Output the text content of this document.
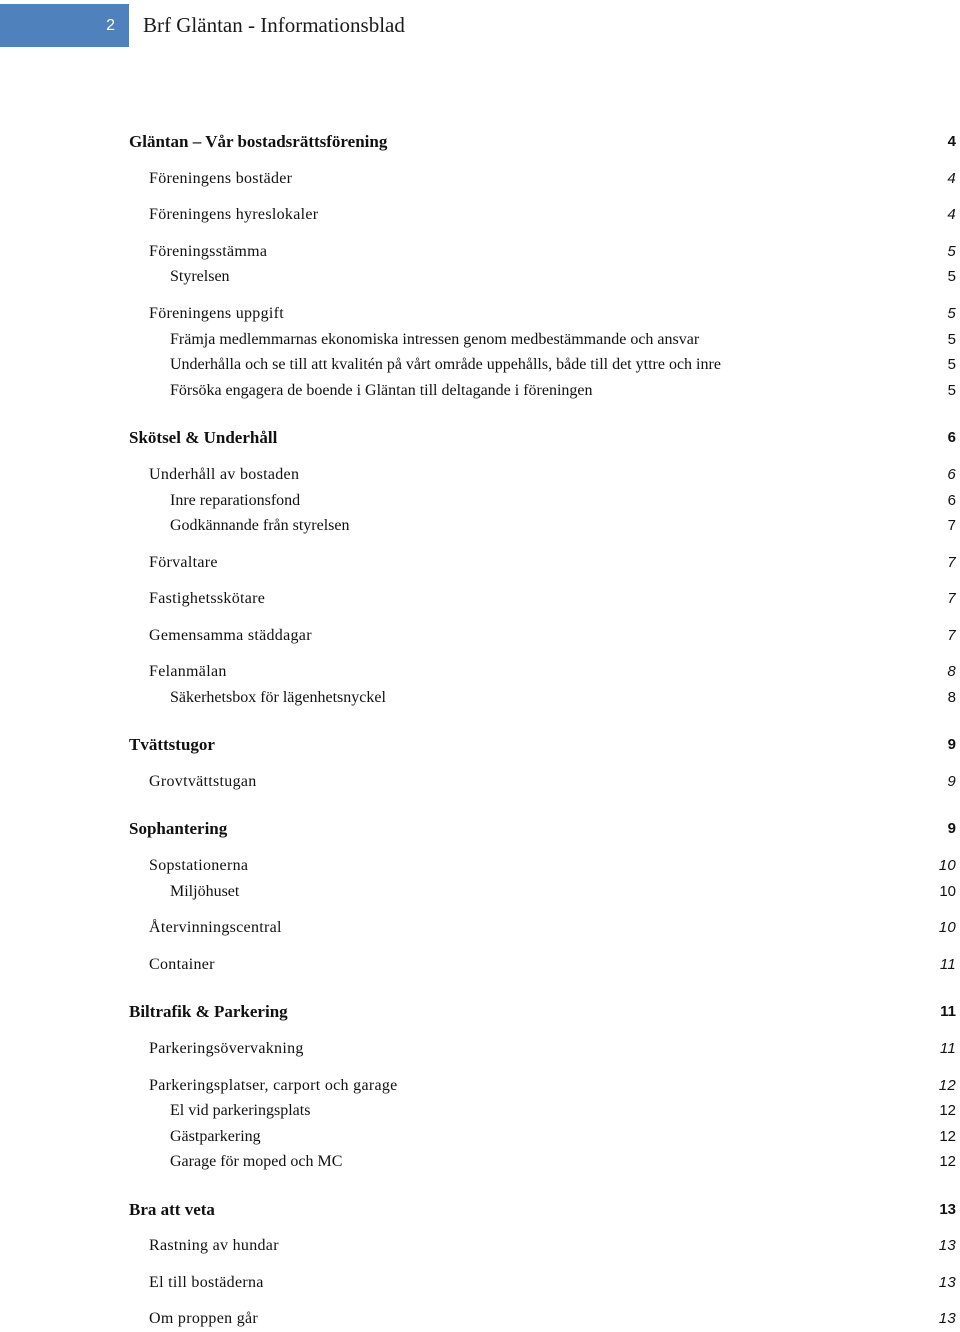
2	Brf Gläntan - Informationsblad
Gläntan – Vår bostadsrättsförening	4
Föreningens bostäder	4
Föreningens hyreslokaler	4
Föreningsstämma	5
Styrelsen	5
Föreningens uppgift	5
Främja medlemmarnas ekonomiska intressen genom medbestämmande och ansvar	5
Underhålla och se till att kvalitén på vårt område uppehålls, både till det yttre och inre	5
Försöka engagera de boende i Gläntan till deltagande i föreningen	5
Skötsel & Underhåll	6
Underhåll av bostaden	6
Inre reparationsfond	6
Godkännande från styrelsen	7
Förvaltare	7
Fastighetsskötare	7
Gemensamma städdagar	7
Felanmälan	8
Säkerhetsbox för lägenhetsnyckel	8
Tvättstugor	9
Grovtvättstugan	9
Sophantering	9
Sopstationerna	10
Miljöhuset	10
Återvinningscentral	10
Container	11
Biltrafik & Parkering	11
Parkeringsövervakning	11
Parkeringsplatser, carport och garage	12
El vid parkeringsplats	12
Gästparkering	12
Garage för moped och MC	12
Bra att veta	13
Rastning av hundar	13
El till bostäderna	13
Om proppen går	13
